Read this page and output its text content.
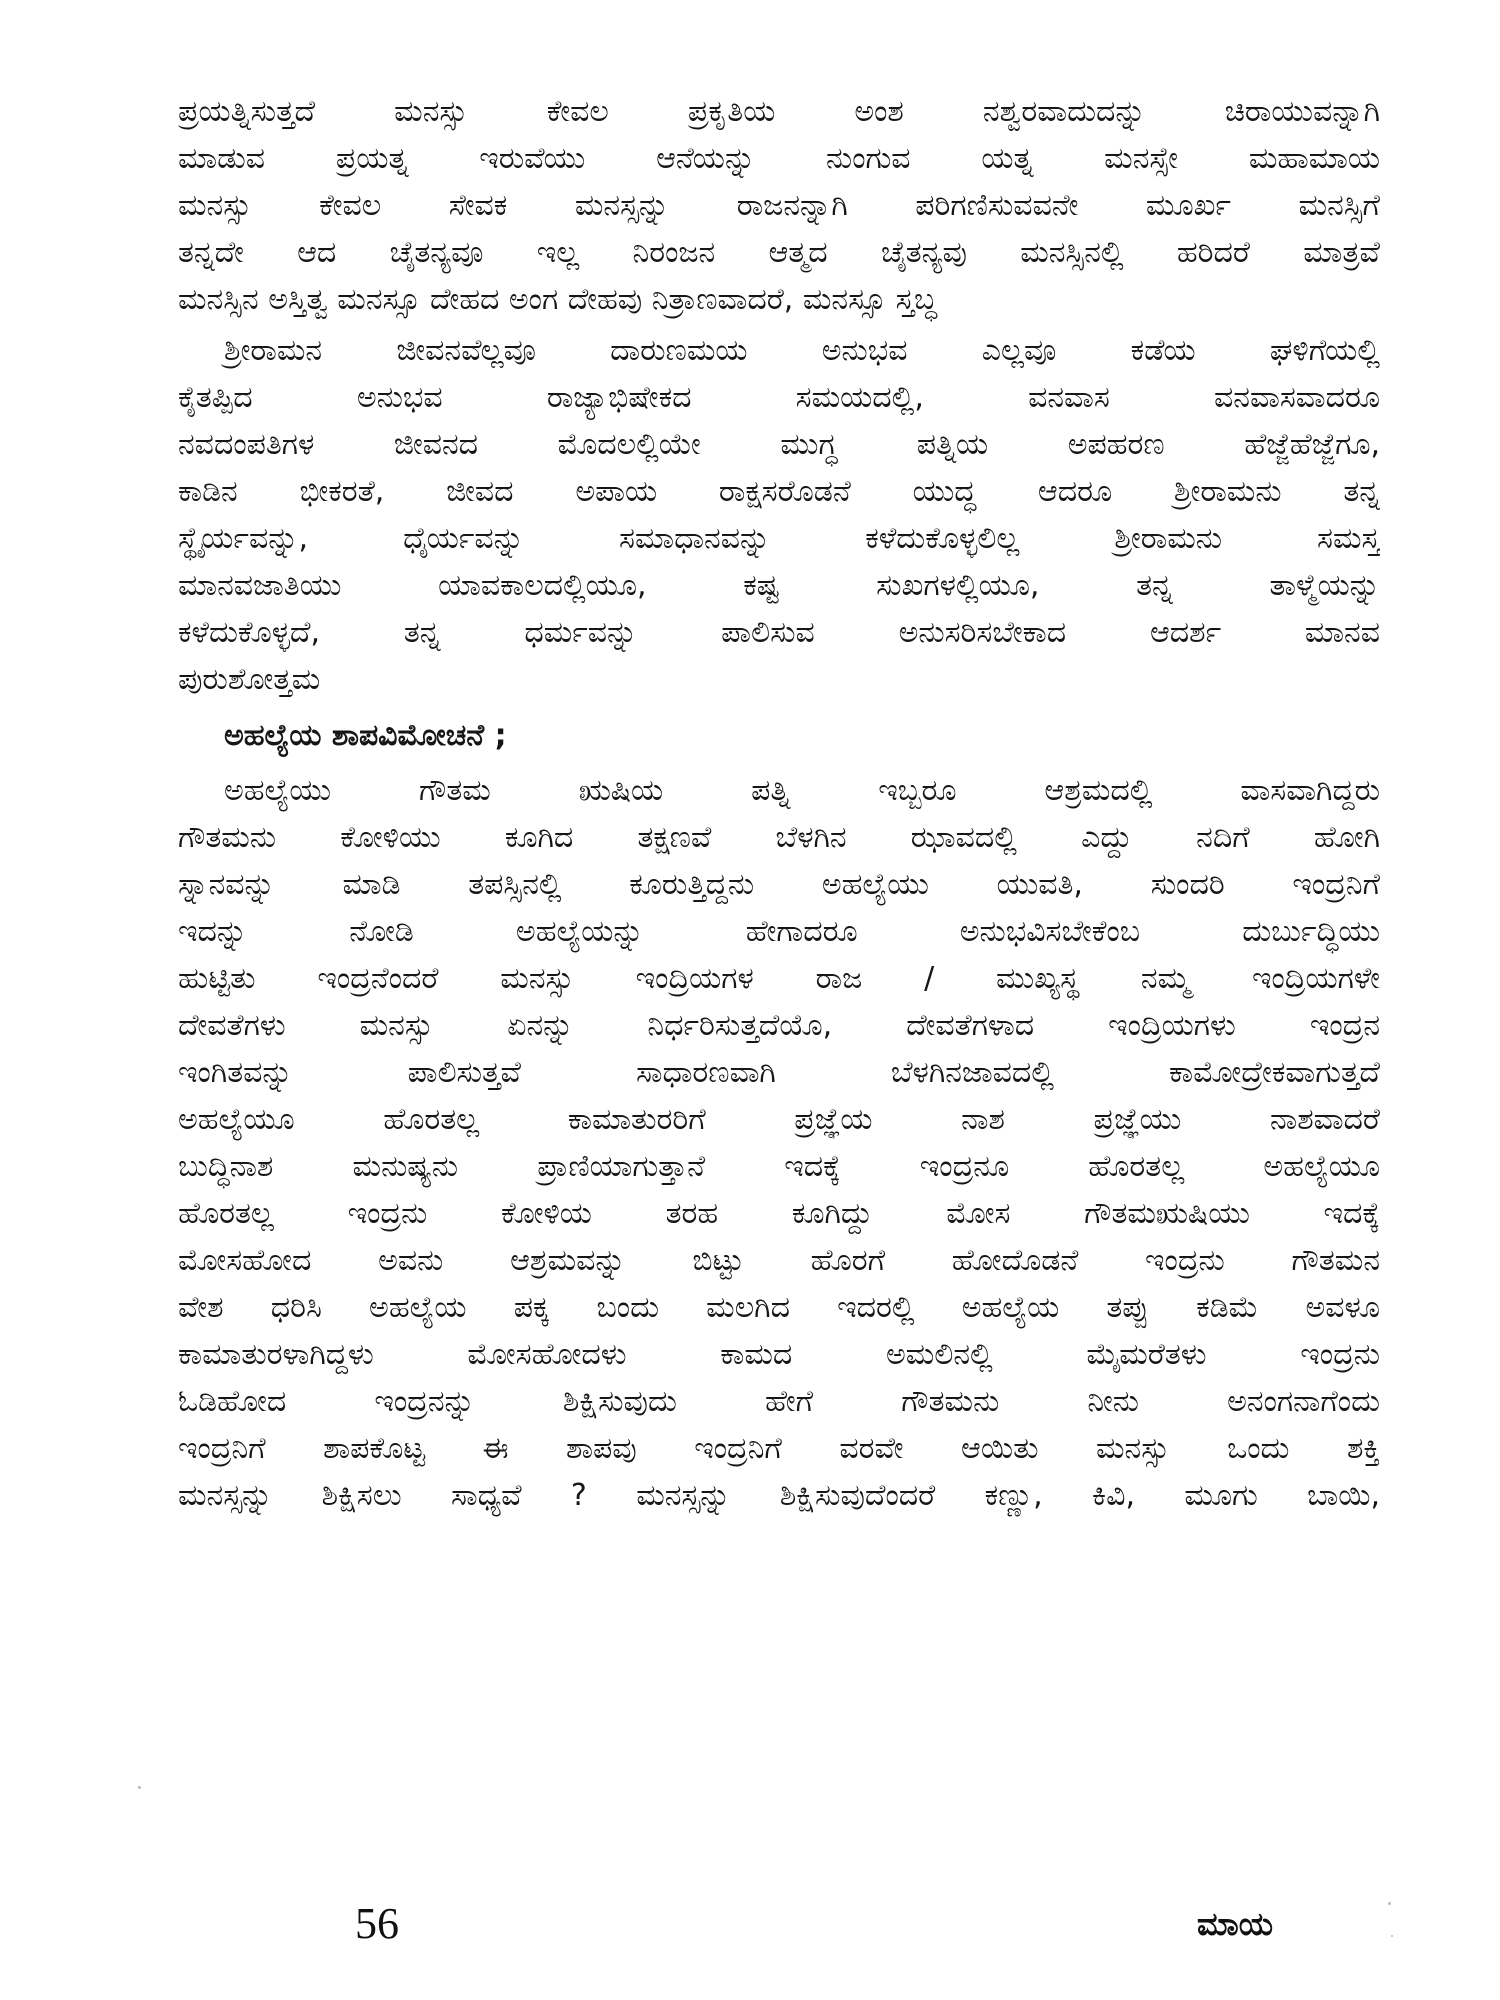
ಪ್ರಯತ್ನಿಸುತ್ತದೆ ಮನಸ್ಸು ಕೇವಲ ಪ್ರಕೃತಿಯ ಅಂಶ ನಶ್ವರವಾದುದನ್ನು ಚಿರಾಯುವನ್ನಾಗಿ
ಮಾಡುವ ಪ್ರಯತ್ನ ಇರುವೆಯು ಆನೆಯನ್ನು ನುಂಗುವ ಯತ್ನ ಮನಸ್ಸೇ ಮಹಾಮಾಯ
ಮನಸ್ಸು ಕೇವಲ ಸೇವಕ ಮನಸ್ಸನ್ನು ರಾಜನನ್ನಾಗಿ ಪರಿಗಣಿಸುವವನೇ ಮೂರ್ಖ ಮನಸ್ಸಿಗೆ
ತನ್ನದೇ ಆದ ಚೈತನ್ಯವೂ ಇಲ್ಲ ನಿರಂಜನ ಆತ್ಮದ ಚೈತನ್ಯವು ಮನಸ್ಸಿನಲ್ಲಿ ಹರಿದರೆ ಮಾತ್ರವೆ
ಮನಸ್ಸಿನ ಅಸ್ತಿತ್ವ ಮನಸ್ಸೂ ದೇಹದ ಅಂಗ ದೇಹವು ನಿತ್ರಾಣವಾದರೆ, ಮನಸ್ಸೂ ಸ್ತಬ್ಧ
ಶ್ರೀರಾಮನ ಜೀವನವೆಲ್ಲವೂ ದಾರುಣಮಯ ಅನುಭವ ಎಲ್ಲವೂ ಕಡೆಯ ಘಳಿಗೆಯಲ್ಲಿ
ಕೈತಪ್ಪಿದ ಅನುಭವ ರಾಜ್ಯಾಭಿಷೇಕದ ಸಮಯದಲ್ಲಿ, ವನವಾಸ ವನವಾಸವಾದರೂ
ನವದಂಪತಿಗಳ ಜೀವನದ ಮೊದಲಲ್ಲಿಯೇ ಮುಗ್ಧ ಪತ್ನಿಯ ಅಪಹರಣ ಹೆಜ್ಜೆಹೆಜ್ಜೆಗೂ,
ಕಾಡಿನ ಭೀಕರತೆ, ಜೀವದ ಅಪಾಯ ರಾಕ್ಷಸರೊಡನೆ ಯುದ್ಧ ಆದರೂ ಶ್ರೀರಾಮನು ತನ್ನ
ಸ್ಥೈರ್ಯವನ್ನು, ಧೈರ್ಯವನ್ನು ಸಮಾಧಾನವನ್ನು ಕಳೆದುಕೊಳ್ಳಲಿಲ್ಲ ಶ್ರೀರಾಮನು ಸಮಸ್ತ
ಮಾನವಜಾತಿಯು ಯಾವಕಾಲದಲ್ಲಿಯೂ, ಕಷ್ಟ ಸುಖಗಳಲ್ಲಿಯೂ, ತನ್ನ ತಾಳ್ಮೆಯನ್ನು
ಕಳೆದುಕೊಳ್ಳದೆ, ತನ್ನ ಧರ್ಮವನ್ನು ಪಾಲಿಸುವ ಅನುಸರಿಸಬೇಕಾದ ಆದರ್ಶ ಮಾನವ
ಪುರುಶೋತ್ತಮ
ಅಹಲ್ಯೆಯ ಶಾಪವಿಮೋಚನೆ ;
ಅಹಲ್ಯೆಯು ಗೌತಮ ಋಷಿಯ ಪತ್ನಿ ಇಬ್ಬರೂ ಆಶ್ರಮದಲ್ಲಿ ವಾಸವಾಗಿದ್ದರು
ಗೌತಮನು ಕೋಳಿಯು ಕೂಗಿದ ತಕ್ಷಣವೆ ಬೆಳಗಿನ ಝಾವದಲ್ಲಿ ಎದ್ದು ನದಿಗೆ ಹೋಗಿ
ಸ್ನಾನವನ್ನು ಮಾಡಿ ತಪಸ್ಸಿನಲ್ಲಿ ಕೂರುತ್ತಿದ್ದನು ಅಹಲ್ಯೆಯು ಯುವತಿ, ಸುಂದರಿ ಇಂದ್ರನಿಗೆ
ಇದನ್ನು ನೋಡಿ ಅಹಲ್ಯೆಯನ್ನು ಹೇಗಾದರೂ ಅನುಭವಿಸಬೇಕೆಂಬ ದುರ್ಬುದ್ಧಿಯು
ಹುಟ್ಟಿತು ಇಂದ್ರನೆಂದರೆ ಮನಸ್ಸು ಇಂದ್ರಿಯಗಳ ರಾಜ / ಮುಖ್ಯಸ್ಥ ನಮ್ಮ ಇಂದ್ರಿಯಗಳೇ
ದೇವತೆಗಳು ಮನಸ್ಸು ಏನನ್ನು ನಿರ್ಧರಿಸುತ್ತದೆಯೊ, ದೇವತೆಗಳಾದ ಇಂದ್ರಿಯಗಳು ಇಂದ್ರನ
ಇಂಗಿತವನ್ನು ಪಾಲಿಸುತ್ತವೆ ಸಾಧಾರಣವಾಗಿ ಬೆಳಗಿನಜಾವದಲ್ಲಿ ಕಾಮೋದ್ರೇಕವಾಗುತ್ತದೆ
ಅಹಲ್ಯೆಯೂ ಹೊರತಲ್ಲ ಕಾಮಾತುರರಿಗೆ ಪ್ರಜ್ಞೆಯ ನಾಶ ಪ್ರಜ್ಞೆಯು ನಾಶವಾದರೆ
ಬುದ್ಧಿನಾಶ ಮನುಷ್ಯನು ಪ್ರಾಣಿಯಾಗುತ್ತಾನೆ ಇದಕ್ಕೆ ಇಂದ್ರನೂ ಹೊರತಲ್ಲ ಅಹಲ್ಯೆಯೂ
ಹೊರತಲ್ಲ ಇಂದ್ರನು ಕೋಳಿಯ ತರಹ ಕೂಗಿದ್ದು ಮೋಸ ಗೌತಮಋಷಿಯು ಇದಕ್ಕೆ
ಮೋಸಹೋದ ಅವನು ಆಶ್ರಮವನ್ನು ಬಿಟ್ಟು ಹೊರಗೆ ಹೋದೊಡನೆ ಇಂದ್ರನು ಗೌತಮನ
ವೇಶ ಧರಿಸಿ ಅಹಲ್ಯೆಯ ಪಕ್ಕ ಬಂದು ಮಲಗಿದ ಇದರಲ್ಲಿ ಅಹಲ್ಯೆಯ ತಪ್ಪು ಕಡಿಮೆ ಅವಳೂ
ಕಾಮಾತುರಳಾಗಿದ್ದಳು ಮೋಸಹೋದಳು ಕಾಮದ ಅಮಲಿನಲ್ಲಿ ಮೈಮರೆತಳು ಇಂದ್ರನು
ಓಡಿಹೋದ ಇಂದ್ರನನ್ನು ಶಿಕ್ಷಿಸುವುದು ಹೇಗೆ ಗೌತಮನು ನೀನು ಅನಂಗನಾಗೆಂದು
ಇಂದ್ರನಿಗೆ ಶಾಪಕೊಟ್ಟ ಈ ಶಾಪವು ಇಂದ್ರನಿಗೆ ವರವೇ ಆಯಿತು ಮನಸ್ಸು ಒಂದು ಶಕ್ತಿ
ಮನಸ್ಸನ್ನು ಶಿಕ್ಷಿಸಲು ಸಾಧ್ಯವೆ ? ಮನಸ್ಸನ್ನು ಶಿಕ್ಷಿಸುವುದೆಂದರೆ ಕಣ್ಣು, ಕಿವಿ, ಮೂಗು ಬಾಯಿ,
56	ಮಾಯ
